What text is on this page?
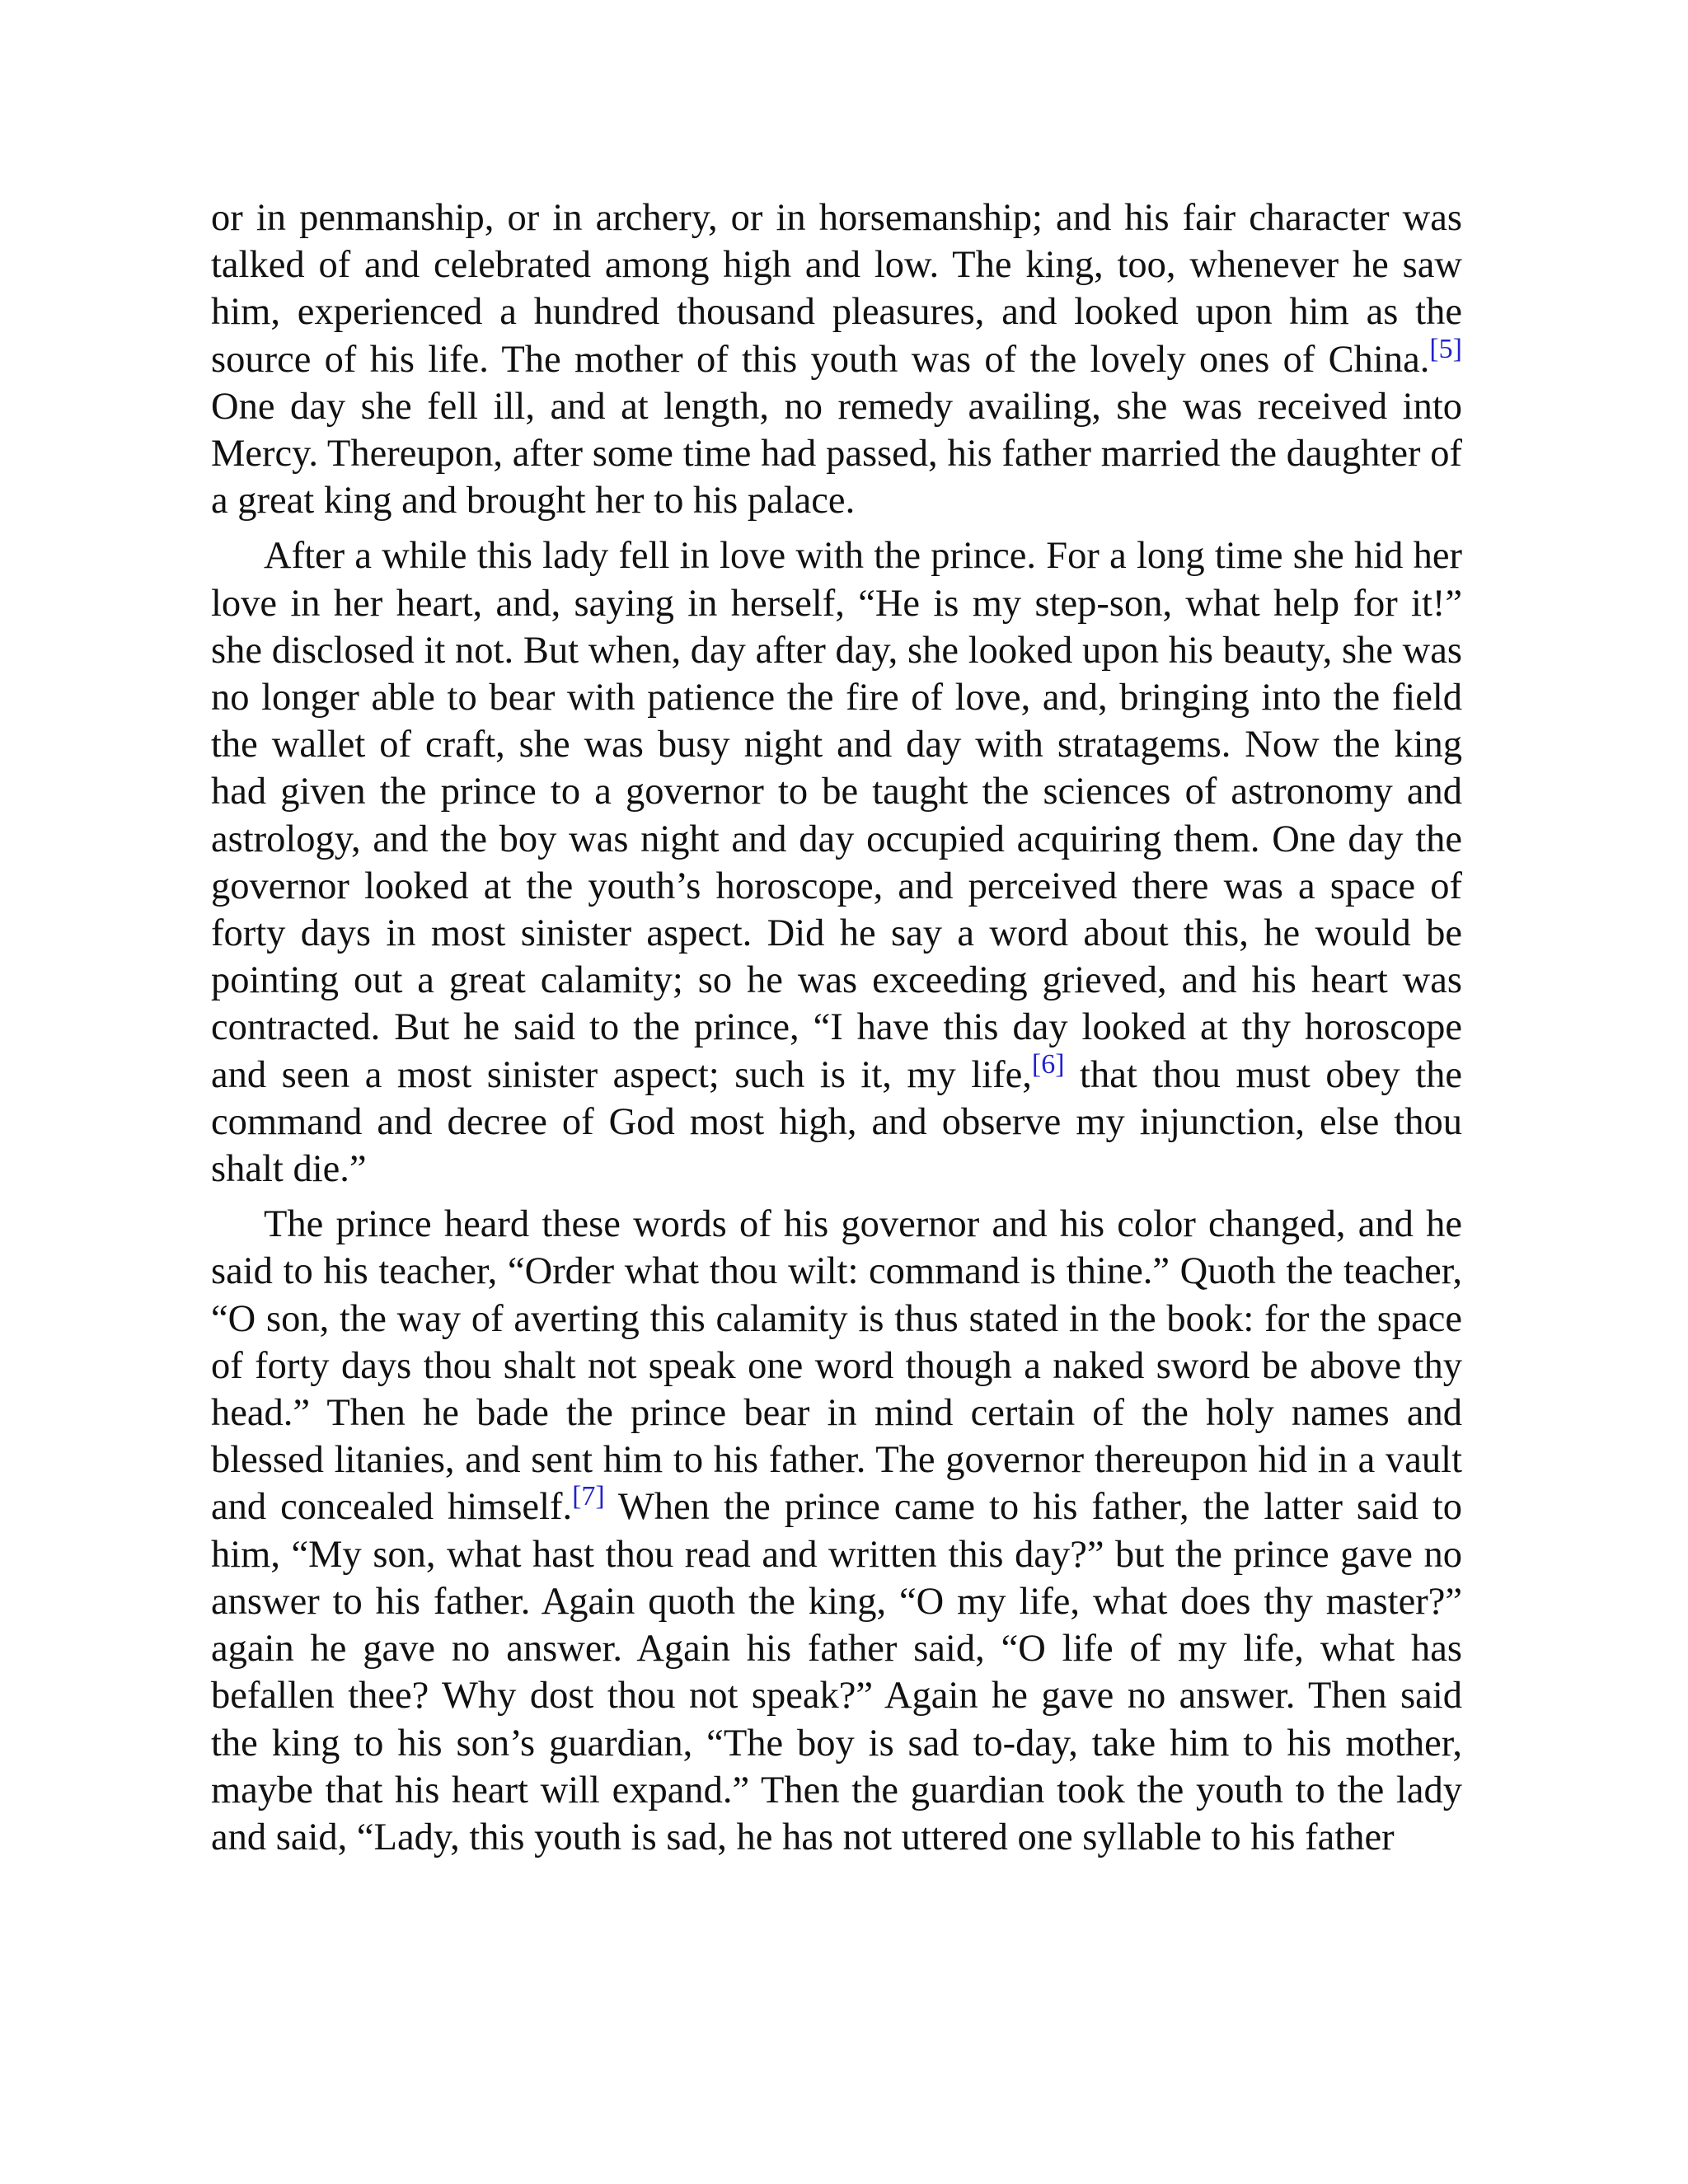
or in penmanship, or in archery, or in horsemanship; and his fair character was talked of and celebrated among high and low. The king, too, whenever he saw him, experienced a hundred thousand pleasures, and looked upon him as the source of his life. The mother of this youth was of the lovely ones of China.[5] One day she fell ill, and at length, no remedy availing, she was received into Mercy. Thereupon, after some time had passed, his father married the daughter of a great king and brought her to his palace.

After a while this lady fell in love with the prince. For a long time she hid her love in her heart, and, saying in herself, “He is my step-son, what help for it!” she disclosed it not. But when, day after day, she looked upon his beauty, she was no longer able to bear with patience the fire of love, and, bringing into the field the wallet of craft, she was busy night and day with stratagems. Now the king had given the prince to a governor to be taught the sciences of astronomy and astrology, and the boy was night and day occupied acquiring them. One day the governor looked at the youth’s horoscope, and perceived there was a space of forty days in most sinister aspect. Did he say a word about this, he would be pointing out a great calamity; so he was exceeding grieved, and his heart was contracted. But he said to the prince, “I have this day looked at thy horoscope and seen a most sinister aspect; such is it, my life,[6] that thou must obey the command and decree of God most high, and observe my injunction, else thou shalt die.”

The prince heard these words of his governor and his color changed, and he said to his teacher, “Order what thou wilt: command is thine.” Quoth the teacher, “O son, the way of averting this calamity is thus stated in the book: for the space of forty days thou shalt not speak one word though a naked sword be above thy head.” Then he bade the prince bear in mind certain of the holy names and blessed litanies, and sent him to his father. The governor thereupon hid in a vault and concealed himself.[7] When the prince came to his father, the latter said to him, “My son, what hast thou read and written this day?” but the prince gave no answer to his father. Again quoth the king, “O my life, what does thy master?” again he gave no answer. Again his father said, “O life of my life, what has befallen thee? Why dost thou not speak?” Again he gave no answer. Then said the king to his son’s guardian, “The boy is sad to-day, take him to his mother, maybe that his heart will expand.” Then the guardian took the youth to the lady and said, “Lady, this youth is sad, he has not uttered one syllable to his father
